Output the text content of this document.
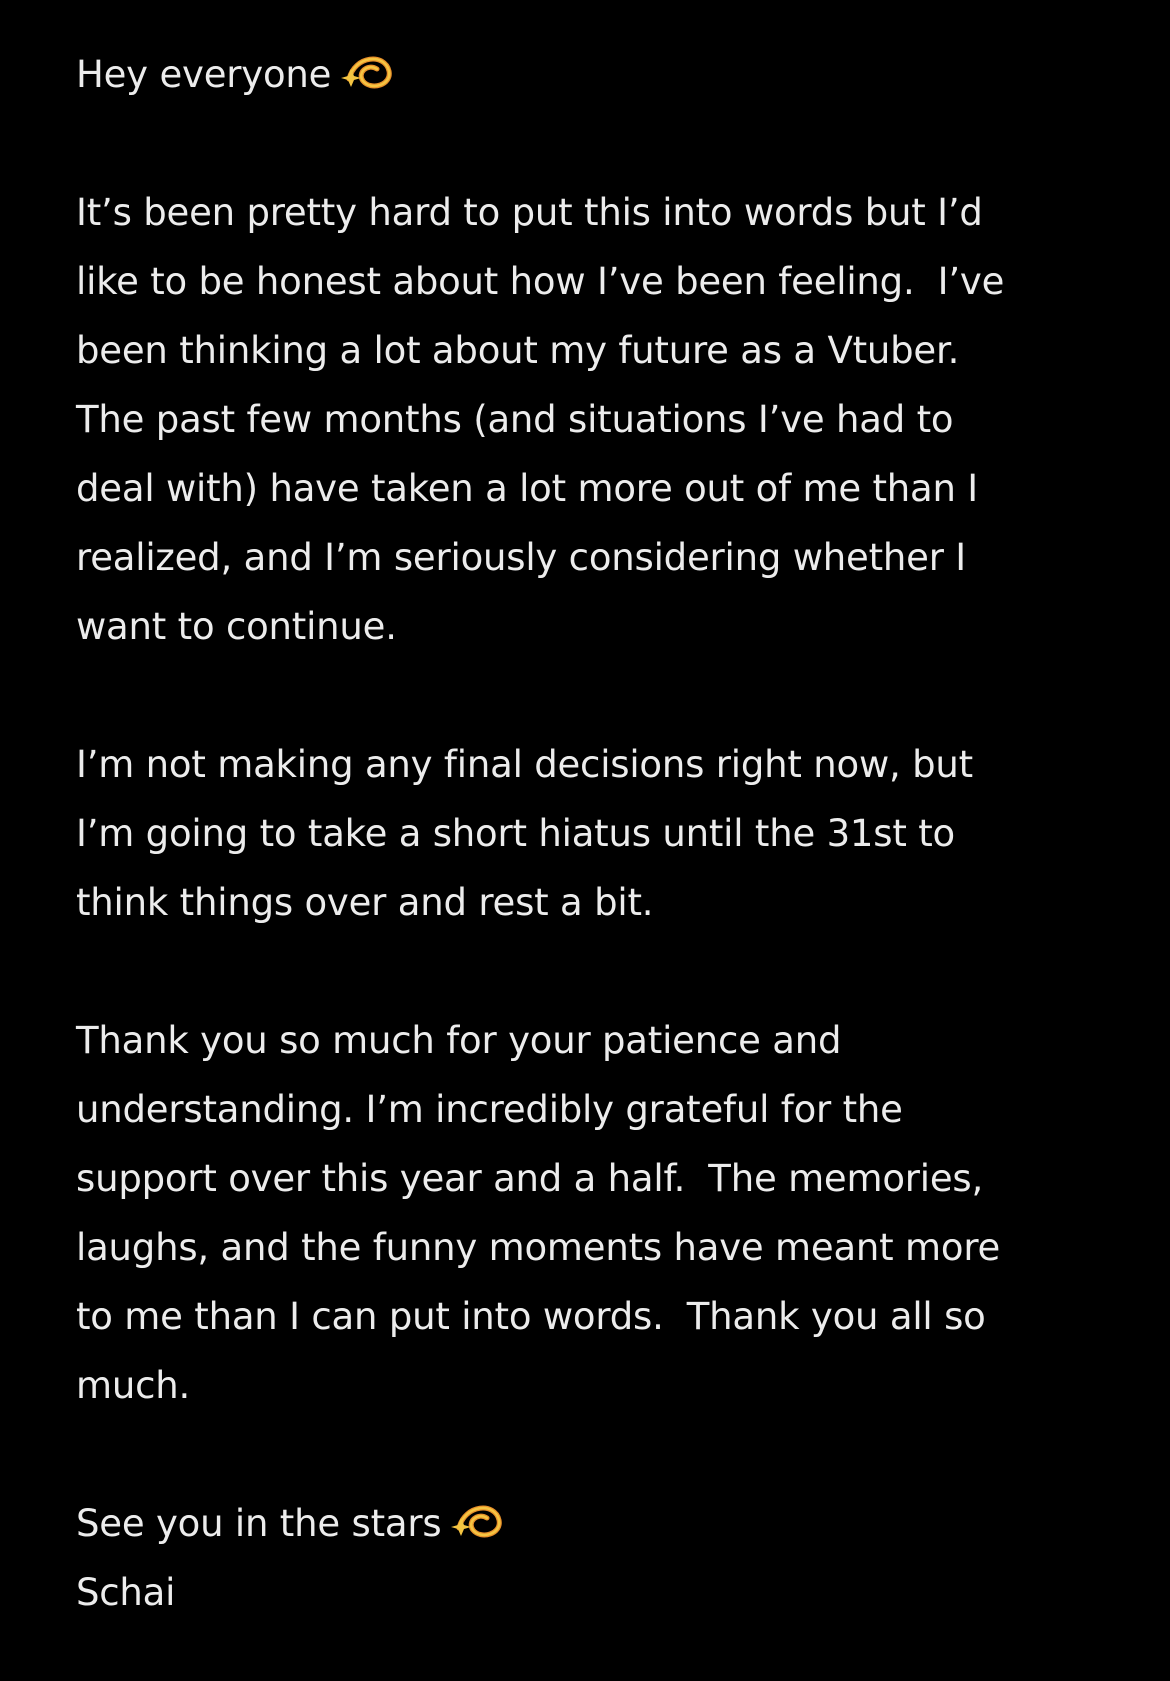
Hey everyone
It’s been pretty hard to put this into words but I’d
like to be honest about how I’ve been feeling.  I’ve
been thinking a lot about my future as a Vtuber.
The past few months (and situations I’ve had to
deal with) have taken a lot more out of me than I
realized, and I’m seriously considering whether I
want to continue.
I’m not making any final decisions right now, but
I’m going to take a short hiatus until the 31st to
think things over and rest a bit.
Thank you so much for your patience and
understanding. I’m incredibly grateful for the
support over this year and a half.  The memories,
laughs, and the funny moments have meant more
to me than I can put into words.  Thank you all so
much.
See you in the stars
Schai
